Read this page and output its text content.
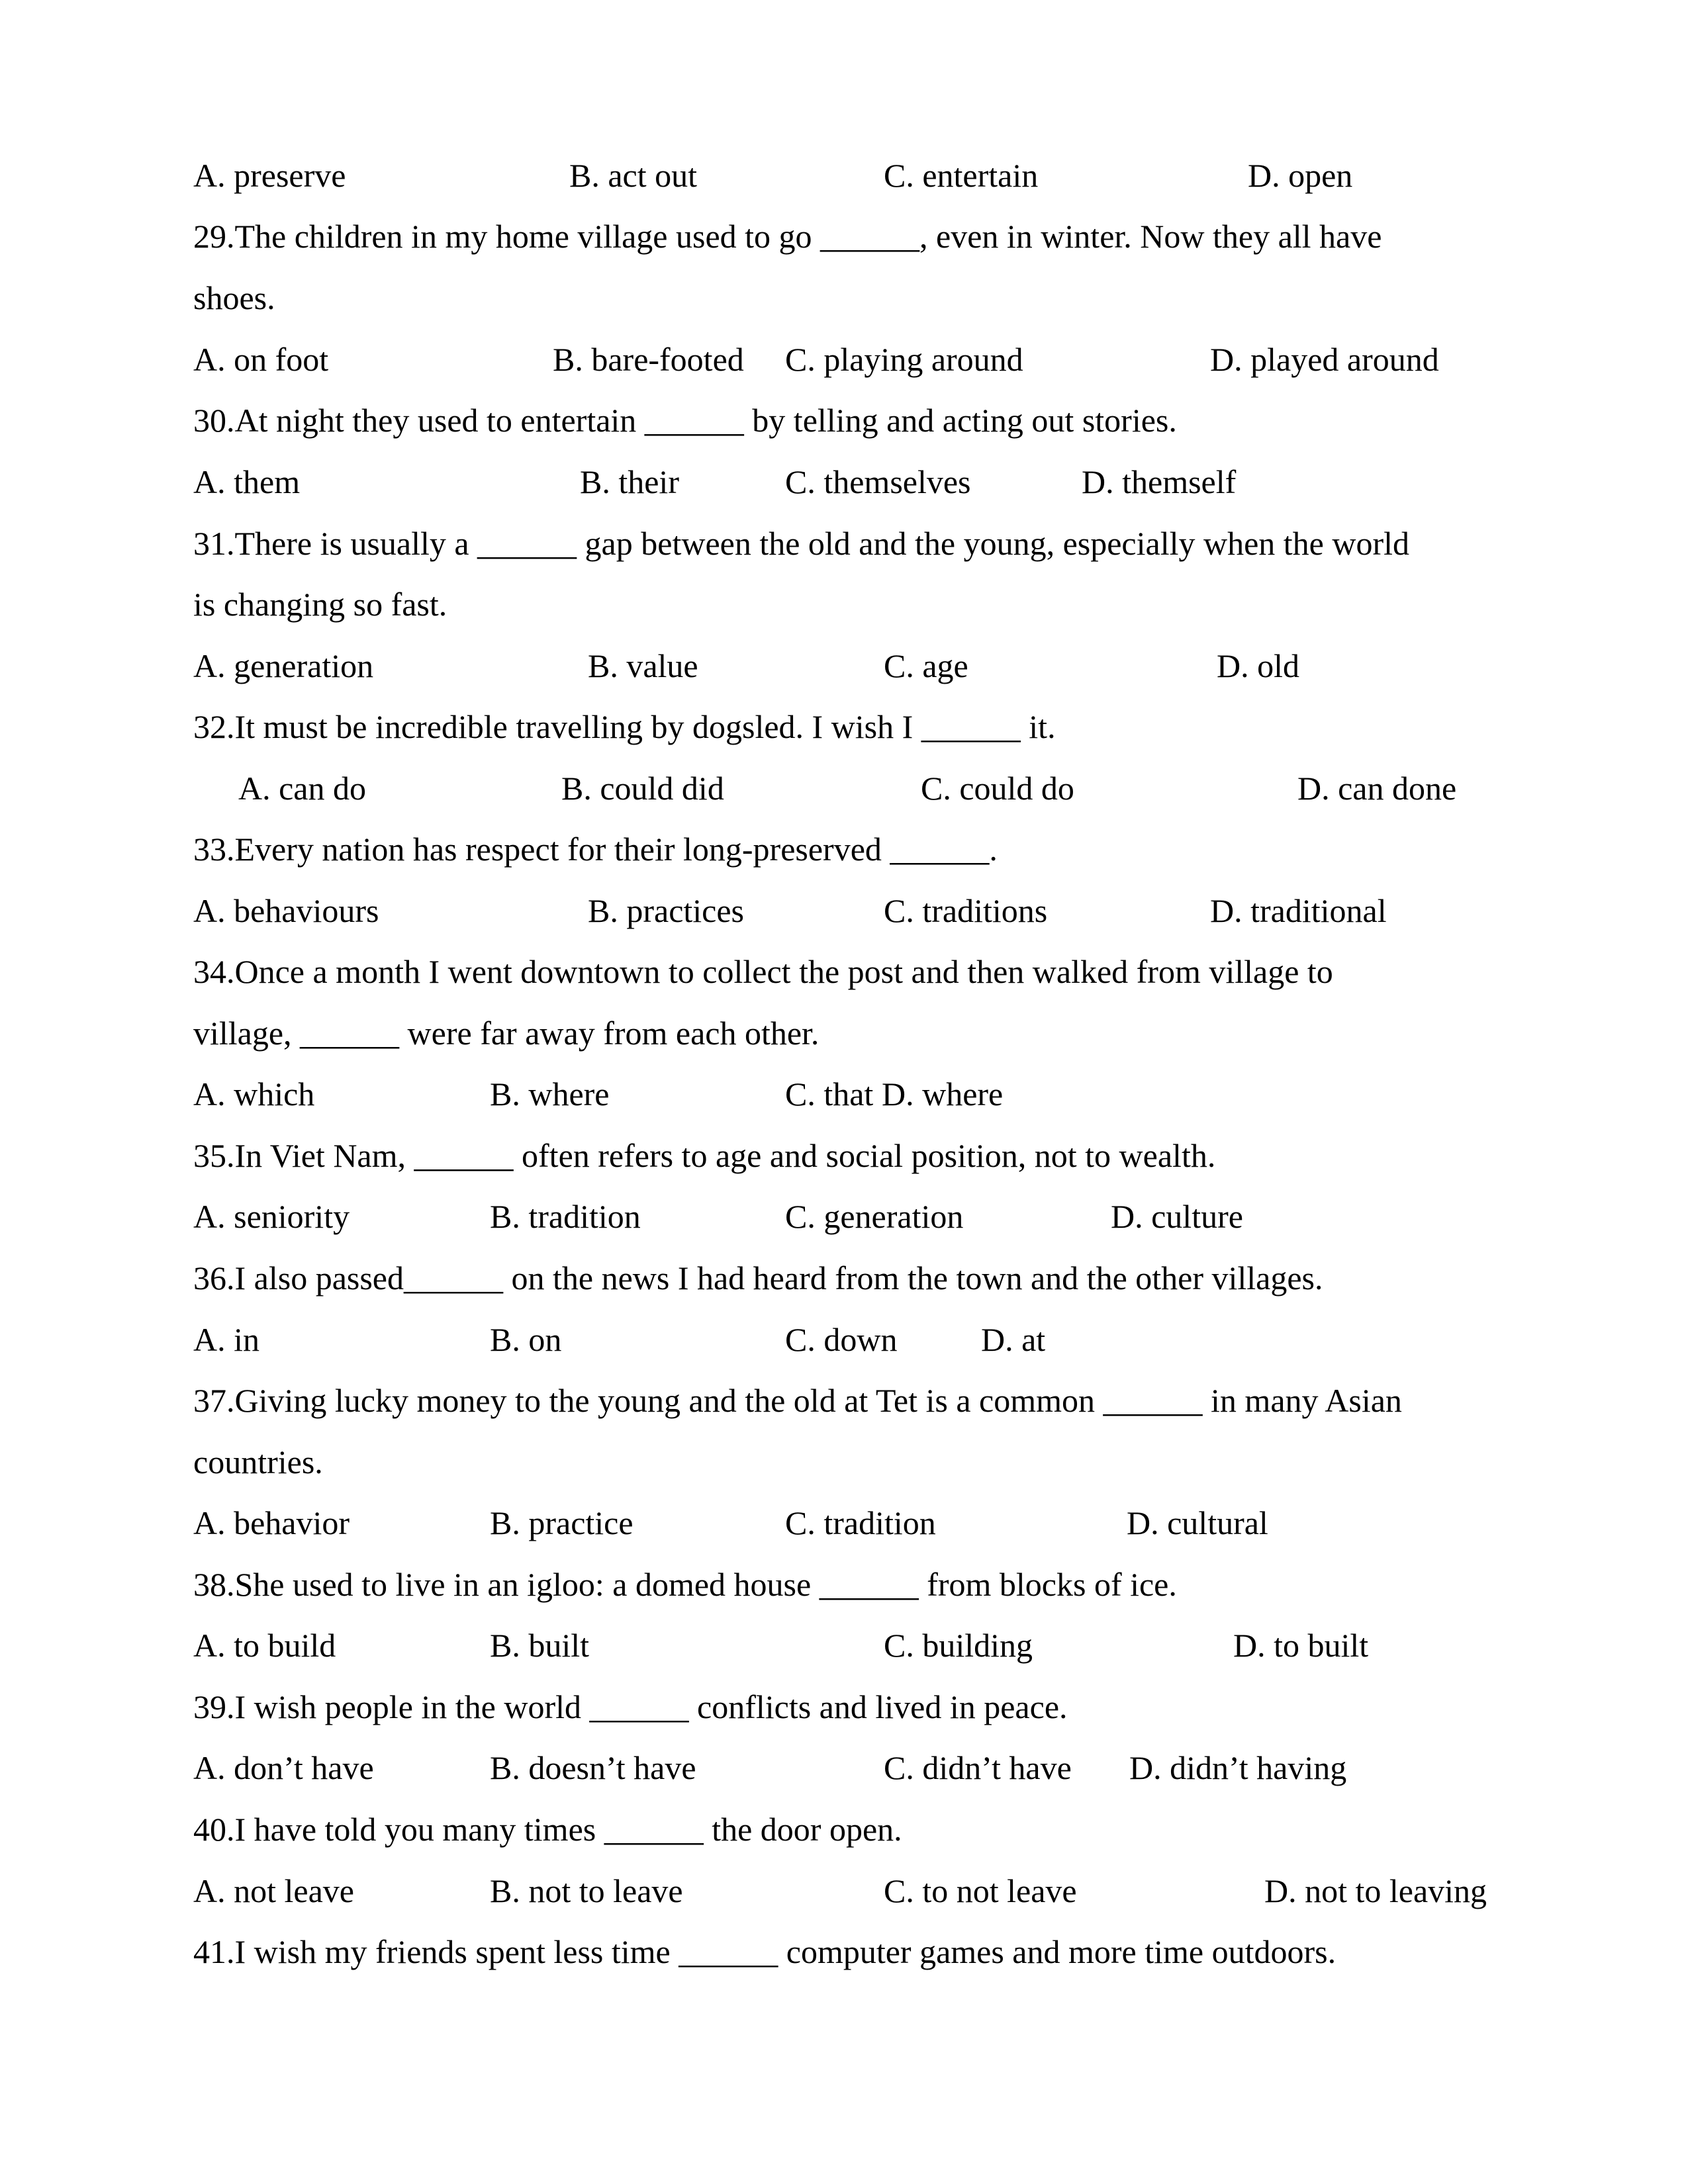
A. preserve	B. act out	C. entertain	D. open
29.The children in my home village used to go ______, even in winter. Now they all have
shoes.
A. on foot	B. bare-footed C. playing around	D. played around
30.At night they used to entertain ______ by telling and acting out stories.
A. them	B. their	C. themselves	D. themself
31.There is usually a ______ gap between the old and the young, especially when the world
is changing so fast.
A. generation	B. value	C. age	D. old
32.It must be incredible travelling by dogsled. I wish I ______ it.
A. can do	B. could did	C. could do	D. can done
33.Every nation has respect for their long-preserved ______.
A. behaviours	B. practices	C. traditions	D. traditional
34.Once a month I went downtown to collect the post and then walked from village to
village, ______ were far away from each other.
A. which	B. where	C. that D. where
35.In Viet Nam, ______ often refers to age and social position, not to wealth.
A. seniority	B. tradition	C. generation	D. culture
36.I also passed______ on the news I had heard from the town and the other villages.
A. in	B. on	C. down	D. at
37.Giving lucky money to the young and the old at Tet is a common ______ in many Asian
countries.
A. behavior	B. practice	C. tradition	D. cultural
38.She used to live in an igloo: a domed house ______ from blocks of ice.
A. to build	B. built	C. building	D. to built
39.I wish people in the world ______ conflicts and lived in peace.
A. don’t have	B. doesn’t have	C. didn’t have D. didn’t having
40.I have told you many times ______ the door open.
A. not leave	B. not to leave	C. to not leave	D. not to leaving
41.I wish my friends spent less time ______ computer games and more time outdoors.
